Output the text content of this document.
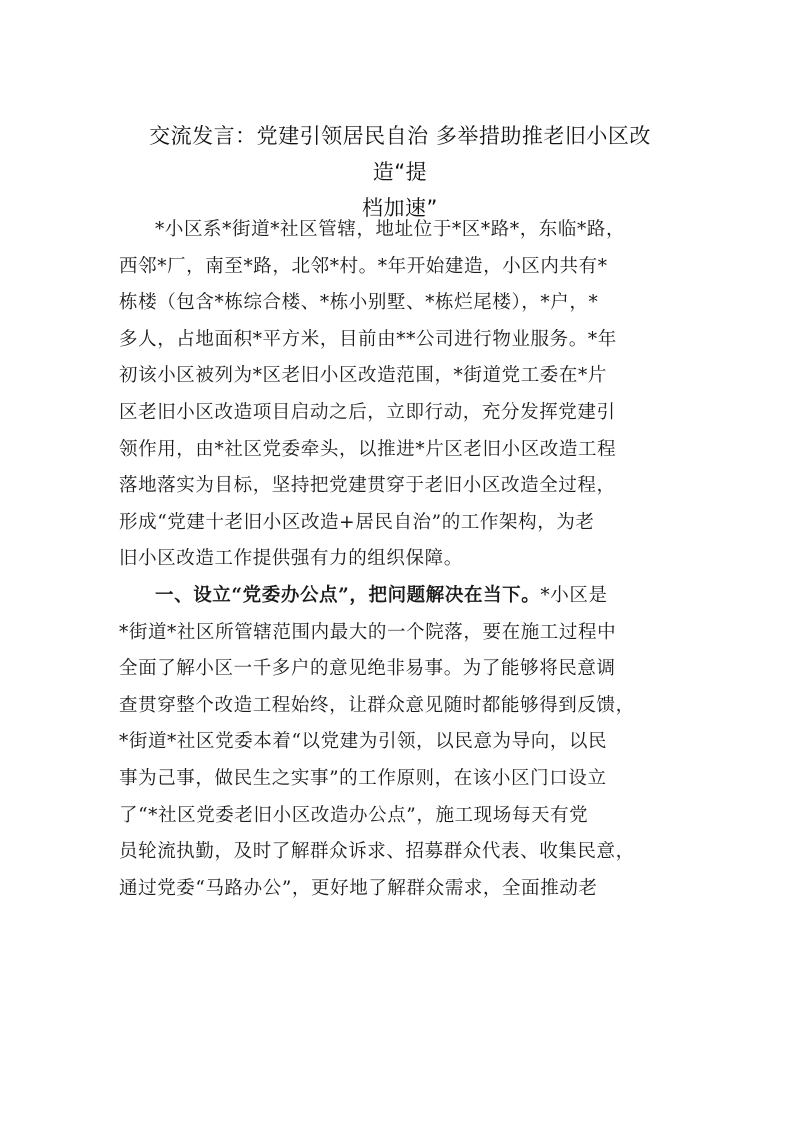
交流发言：党建引领居民自治 多举措助推老旧小区改造“提
档加速”
*小区系*街道*社区管辖，地址位于*区*路*，东临*路，
西邻*厂，南至*路，北邻*村。*年开始建造，小区内共有*
栋楼（包含*栋综合楼、*栋小别墅、*栋烂尾楼），*户，*
多人，占地面积*平方米，目前由**公司进行物业服务。*年
初该小区被列为*区老旧小区改造范围，*街道党工委在*片
区老旧小区改造项目启动之后，立即行动，充分发挥党建引
领作用，由*社区党委牵头，以推进*片区老旧小区改造工程
落地落实为目标，坚持把党建贯穿于老旧小区改造全过程，
形成“党建十老旧小区改造+居民自治”的工作架构，为老
旧小区改造工作提供强有力的组织保障。
一、设立“党委办公点”，把问题解决在当下。*小区是
*街道*社区所管辖范围内最大的一个院落，要在施工过程中
全面了解小区一千多户的意见绝非易事。为了能够将民意调
查贯穿整个改造工程始终，让群众意见随时都能够得到反馈，
*街道*社区党委本着“以党建为引领，以民意为导向，以民
事为己事，做民生之实事”的工作原则，在该小区门口设立
了“*社区党委老旧小区改造办公点”，施工现场每天有党
员轮流执勤，及时了解群众诉求、招募群众代表、收集民意，
通过党委“马路办公”，更好地了解群众需求，全面推动老
